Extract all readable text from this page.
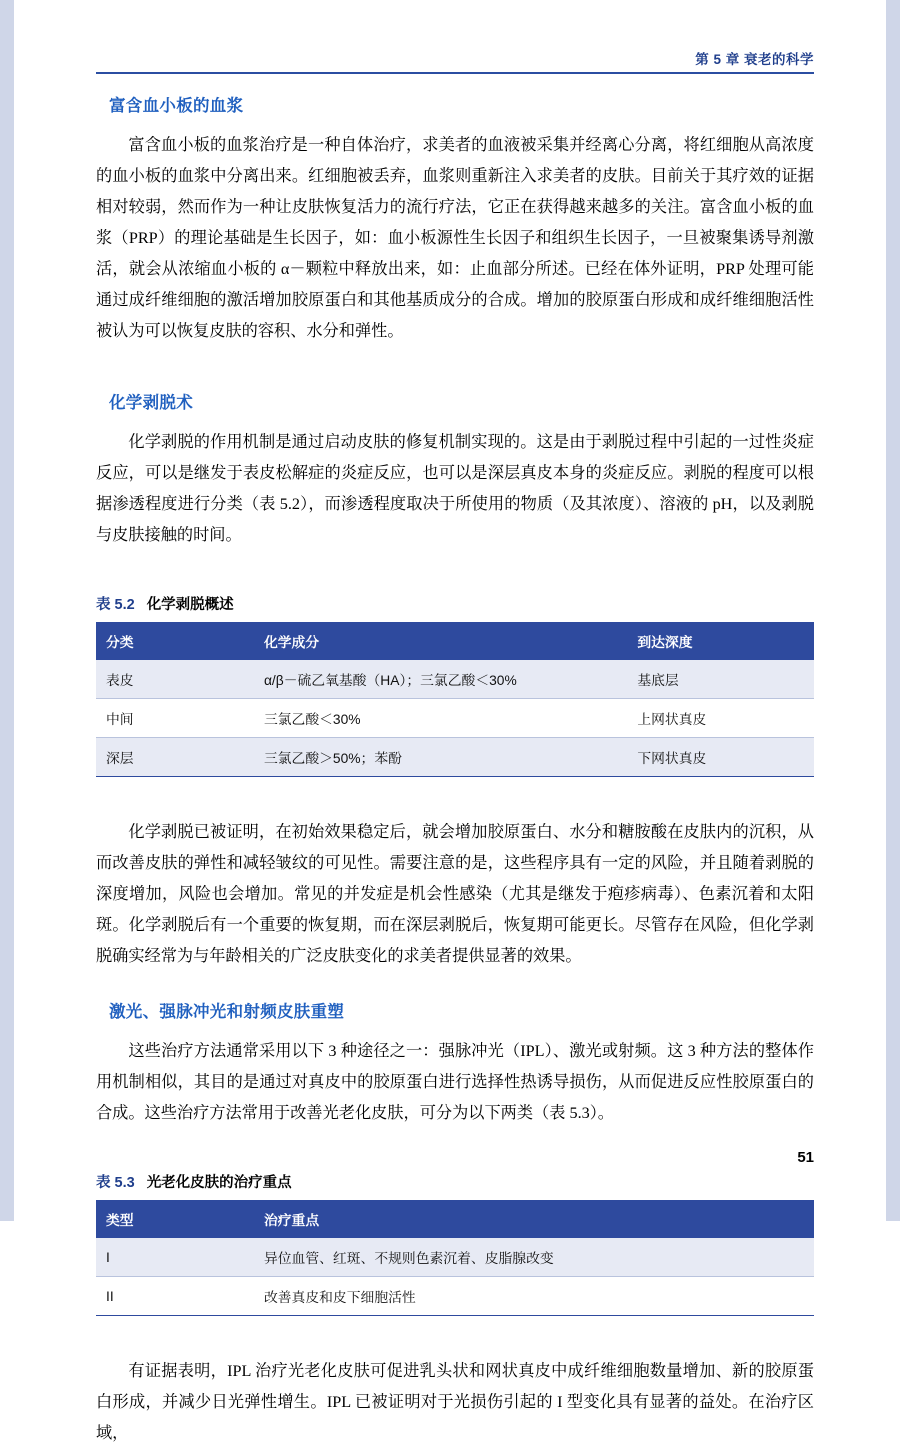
第 5 章 衰老的科学
富含血小板的血浆

富含血小板的血浆治疗是一种自体治疗，求美者的血液被采集并经离心分离，将红细胞从高浓度的血小板的血浆中分离出来。红细胞被丢弃，血浆则重新注入求美者的皮肤。目前关于其疗效的证据相对较弱，然而作为一种让皮肤恢复活力的流行疗法，它正在获得越来越多的关注。富含血小板的血浆（PRP）的理论基础是生长因子，如：血小板源性生长因子和组织生长因子，一旦被聚集诱导剂激活，就会从浓缩血小板的 α－颗粒中释放出来，如：止血部分所述。已经在体外证明，PRP 处理可能通过成纤维细胞的激活增加胶原蛋白和其他基质成分的合成。增加的胶原蛋白形成和成纤维细胞活性被认为可以恢复皮肤的容积、水分和弹性。

化学剥脱术

化学剥脱的作用机制是通过启动皮肤的修复机制实现的。这是由于剥脱过程中引起的一过性炎症反应，可以是继发于表皮松解症的炎症反应，也可以是深层真皮本身的炎症反应。剥脱的程度可以根据渗透程度进行分类（表 5.2），而渗透程度取决于所使用的物质（及其浓度）、溶液的 pH，以及剥脱与皮肤接触的时间。

表 5.2 化学剥脱概述
分类	化学成分	到达深度
表皮	α/β－硫乙氧基酸（HA）；三氯乙酸＜30%	基底层
中间	三氯乙酸＜30%	上网状真皮
深层	三氯乙酸＞50%；苯酚	下网状真皮

化学剥脱已被证明，在初始效果稳定后，就会增加胶原蛋白、水分和糖胺酸在皮肤内的沉积，从而改善皮肤的弹性和减轻皱纹的可见性。需要注意的是，这些程序具有一定的风险，并且随着剥脱的深度增加，风险也会增加。常见的并发症是机会性感染（尤其是继发于疱疹病毒）、色素沉着和太阳斑。化学剥脱后有一个重要的恢复期，而在深层剥脱后，恢复期可能更长。尽管存在风险，但化学剥脱确实经常为与年龄相关的广泛皮肤变化的求美者提供显著的效果。

激光、强脉冲光和射频皮肤重塑

这些治疗方法通常采用以下 3 种途径之一：强脉冲光（IPL）、激光或射频。这 3 种方法的整体作用机制相似，其目的是通过对真皮中的胶原蛋白进行选择性热诱导损伤，从而促进反应性胶原蛋白的合成。这些治疗方法常用于改善光老化皮肤，可分为以下两类（表 5.3）。

表 5.3 光老化皮肤的治疗重点
类型	治疗重点
I	异位血管、红斑、不规则色素沉着、皮脂腺改变
II	改善真皮和皮下细胞活性

有证据表明，IPL 治疗光老化皮肤可促进乳头状和网状真皮中成纤维细胞数量增加、新的胶原蛋白形成，并减少日光弹性增生。IPL 已被证明对于光损伤引起的 I 型变化具有显著的益处。在治疗区域，

51
